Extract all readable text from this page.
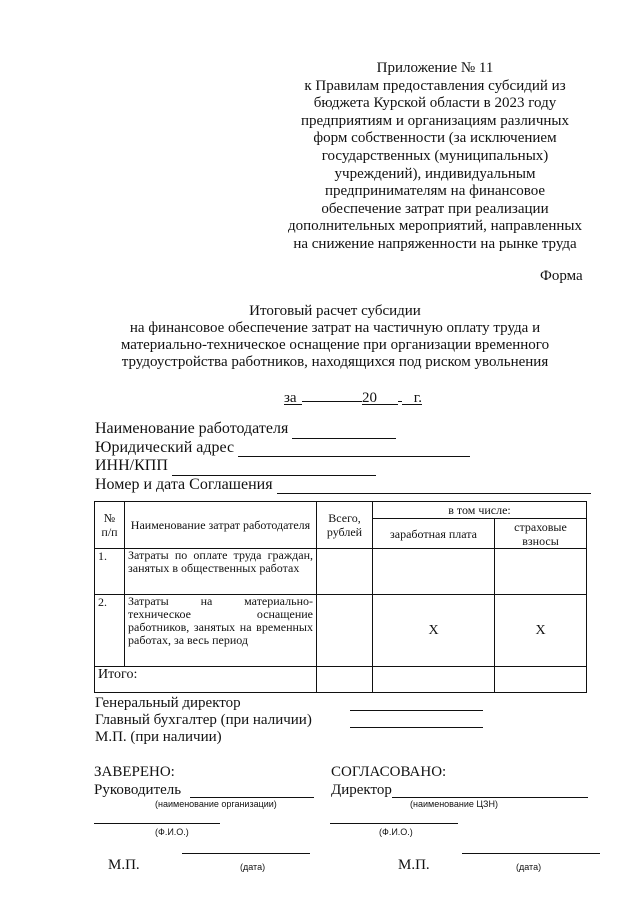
Приложение № 11
к Правилам предоставления субсидий из
бюджета Курской области в 2023 году
предприятиям и организациям различных
форм собственности (за исключением
государственных (муниципальных)
учреждений), индивидуальным
предпринимателям на финансовое
обеспечение затрат при реализации
дополнительных мероприятий, направленных
на снижение напряженности на рынке труда
Форма
Итоговый расчет субсидии
на финансовое обеспечение затрат на частичную оплату труда и
материально-техническое оснащение при организации временного
трудоустройства работников, находящихся под риском увольнения
за	20 г.
Наименование работодателя
Юридический адрес
ИНН/КПП
Номер и дата Соглашения
№ п/п	Наименование затрат работодателя	Всего, рублей	в том числе:	
			заработная плата	страховые взносы
1.	Затраты по оплате труда граждан, занятых в общественных работах			
2.	Затраты на материально-техническое оснащение работников, занятых на временных работах, за весь период		X	X
Итого:				
Генеральный директор
Главный бухгалтер (при наличии)
М.П. (при наличии)
ЗАВЕРЕНО:
Руководитель
(наименование организации)
(Ф.И.О.)
М.П.	(дата)
СОГЛАСОВАНО:
Директор
(наименование ЦЗН)
(Ф.И.О.)
М.П.	(дата)
